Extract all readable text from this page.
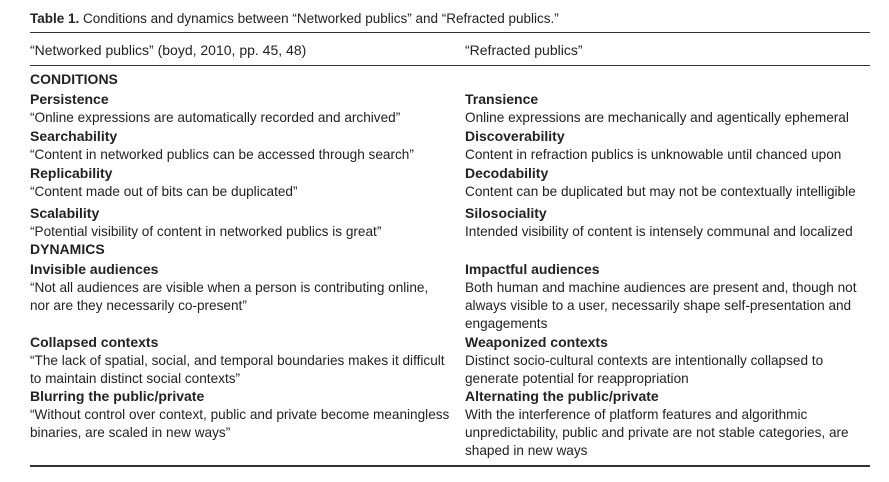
Table 1. Conditions and dynamics between “Networked publics” and “Refracted publics.”
“Networked publics” (boyd, 2010, pp. 45, 48)	“Refracted publics”
CONDITIONS
Persistence
“Online expressions are automatically recorded and archived”
Transience
Online expressions are mechanically and agentically ephemeral
Searchability
“Content in networked publics can be accessed through search”
Discoverability
Content in refraction publics is unknowable until chanced upon
Replicability
“Content made out of bits can be duplicated”
Decodability
Content can be duplicated but may not be contextually intelligible
Scalability
“Potential visibility of content in networked publics is great”
Silosociality
Intended visibility of content is intensely communal and localized
DYNAMICS
Invisible audiences
“Not all audiences are visible when a person is contributing online, nor are they necessarily co-present”
Impactful audiences
Both human and machine audiences are present and, though not always visible to a user, necessarily shape self-presentation and engagements
Collapsed contexts
“The lack of spatial, social, and temporal boundaries makes it difficult to maintain distinct social contexts”
Weaponized contexts
Distinct socio-cultural contexts are intentionally collapsed to generate potential for reappropriation
Blurring the public/private
“Without control over context, public and private become meaningless binaries, are scaled in new ways”
Alternating the public/private
With the interference of platform features and algorithmic unpredictability, public and private are not stable categories, are shaped in new ways
